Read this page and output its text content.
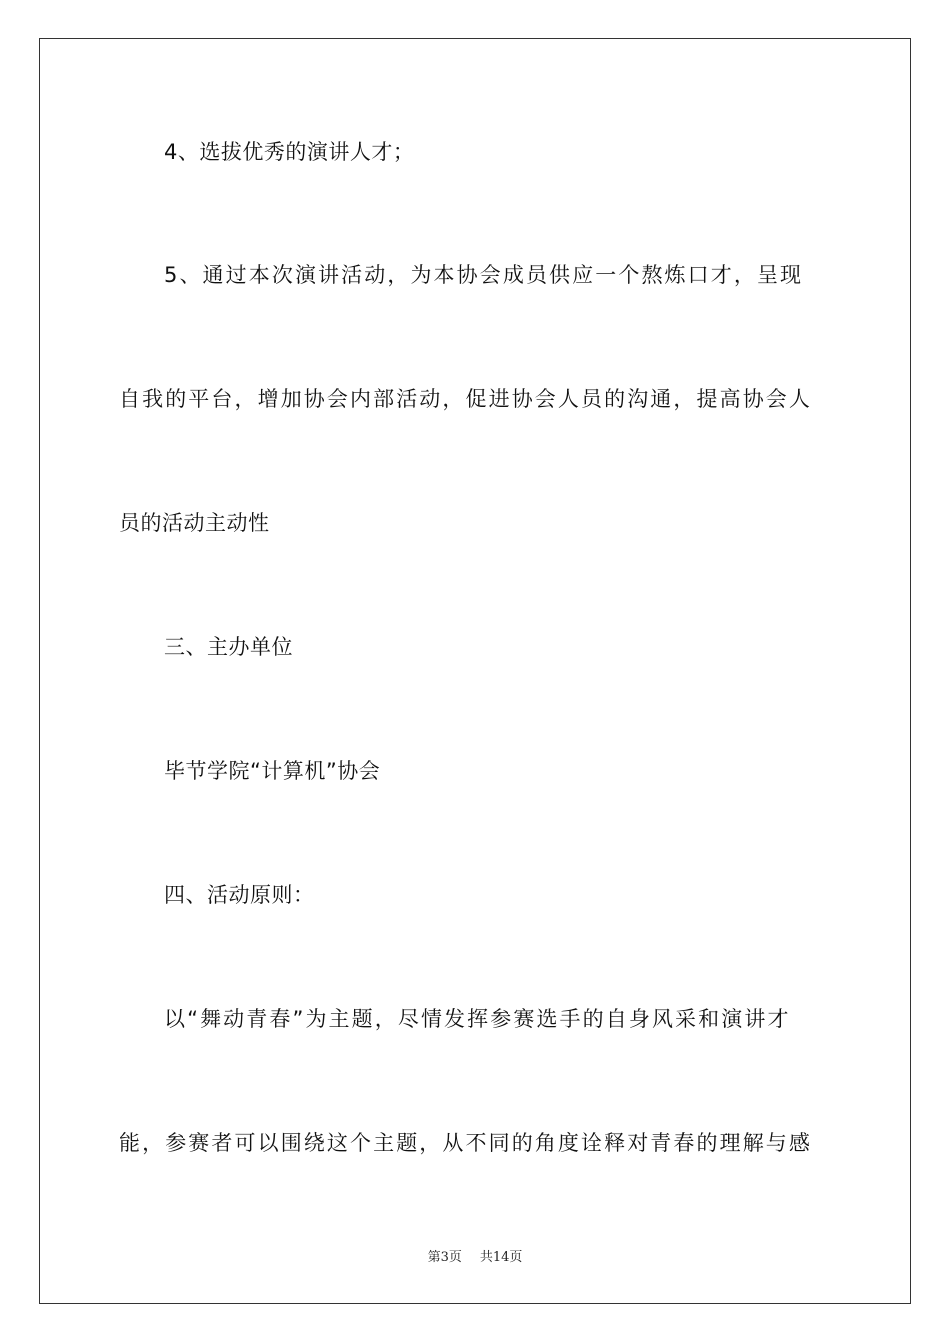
4、选拔优秀的演讲人才；
5、通过本次演讲活动，为本协会成员供应一个熬炼口才，呈现
自我的平台，增加协会内部活动，促进协会人员的沟通，提高协会人
员的活动主动性
三、主办单位
毕节学院“计算机”协会
四、活动原则：
以“舞动青春”为主题，尽情发挥参赛选手的自身风采和演讲才
能，参赛者可以围绕这个主题，从不同的角度诠释对青春的理解与感
第3页 共14页
